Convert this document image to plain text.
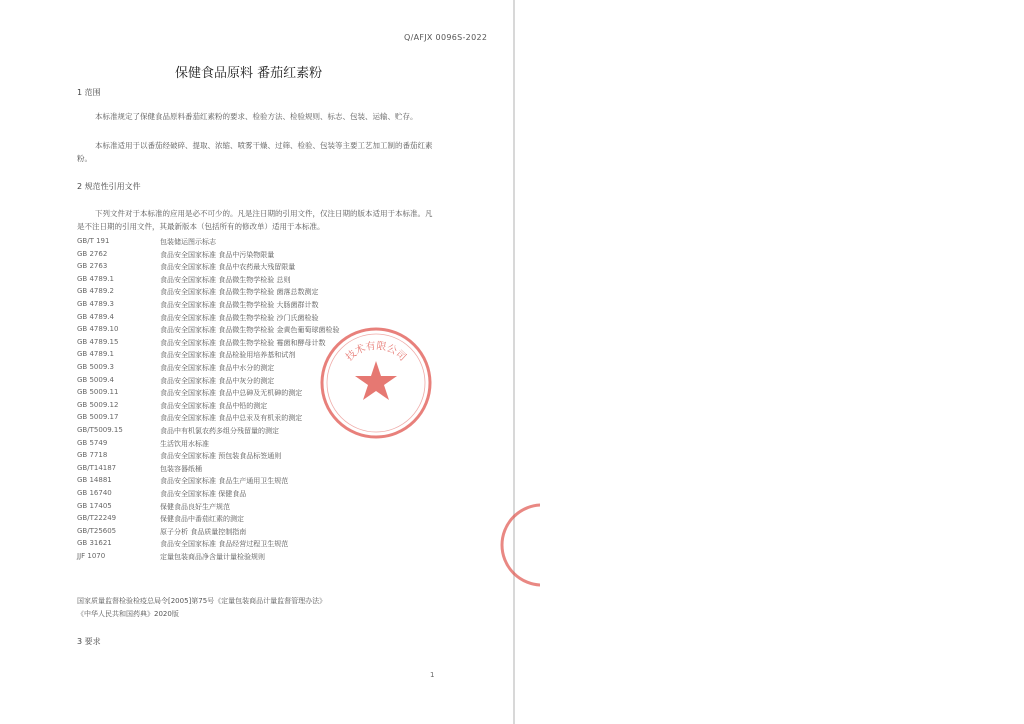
Q/AFJX 0096S-2022
保健食品原料 番茄红素粉
1 范围
本标准规定了保健食品原料番茄红素粉的要求、检验方法、检验规则、标志、包装、运输、贮存。
本标准适用于以番茄经破碎、提取、浓缩、喷雾干燥、过筛、检验、包装等主要工艺加工制的番茄红素粉。
2 规范性引用文件
下列文件对于本标准的应用是必不可少的。凡是注日期的引用文件，仅注日期的版本适用于本标准。凡是不注日期的引用文件，其最新版本（包括所有的修改单）适用于本标准。
GB/T 191	包装储运图示标志
GB 2762	食品安全国家标准 食品中污染物限量
GB 2763	食品安全国家标准 食品中农药最大残留限量
GB 4789.1	食品安全国家标准 食品微生物学检验 总则
GB 4789.2	食品安全国家标准 食品微生物学检验 菌落总数测定
GB 4789.3	食品安全国家标准 食品微生物学检验 大肠菌群计数
GB 4789.4	食品安全国家标准 食品微生物学检验 沙门氏菌检验
GB 4789.10	食品安全国家标准 食品微生物学检验 金黄色葡萄球菌检验
GB 4789.15	食品安全国家标准 食品微生物学检验 霉菌和酵母计数
GB 4789.1	食品安全国家标准 食品检验用培养基和试剂
GB 5009.3	食品安全国家标准 食品中水分的测定
GB 5009.4	食品安全国家标准 食品中灰分的测定
GB 5009.11	食品安全国家标准 食品中总砷及无机砷的测定
GB 5009.12	食品安全国家标准 食品中铅的测定
GB 5009.17	食品安全国家标准 食品中总汞及有机汞的测定
GB/T5009.15	食品中有机氯农药多组分残留量的测定
GB 5749	生活饮用水标准
GB 7718	食品安全国家标准 预包装食品标签通则
GB/T14187	包装容器纸桶
GB 14881	食品安全国家标准 食品生产通用卫生规范
GB 16740	食品安全国家标准 保健食品
GB 17405	保健食品良好生产规范
GB/T22249	保健食品中番茄红素的测定
GB/T25605	原子分析 食品质量控制指南
GB 31621	食品安全国家标准 食品经营过程卫生规范
JJF 1070	定量包装商品净含量计量检验规则
国家质量监督检验检疫总局令[2005]第75号《定量包装商品计量监督管理办法》
《中华人民共和国药典》2020版
3 要求
1
技术有限公司
